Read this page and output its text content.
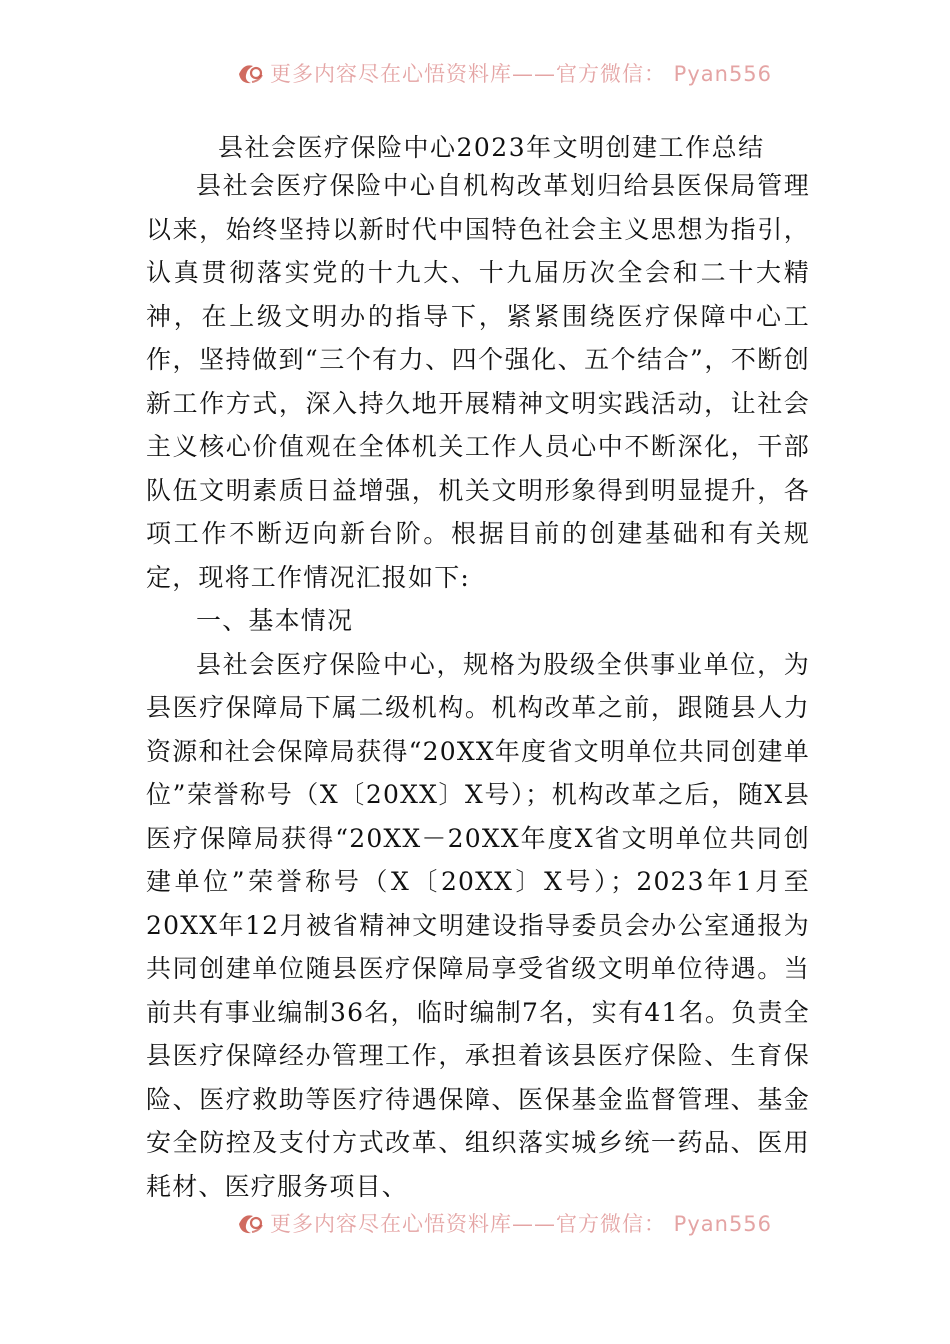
更多内容尽在心悟资料库——官方微信： Pyan556
县社会医疗保险中心2023年文明创建工作总结

县社会医疗保险中心自机构改革划归给县医保局管理以来，始终坚持以新时代中国特色社会主义思想为指引，认真贯彻落实党的十九大、十九届历次全会和二十大精神，在上级文明办的指导下，紧紧围绕医疗保障中心工作，坚持做到“三个有力、四个强化、五个结合”，不断创新工作方式，深入持久地开展精神文明实践活动，让社会主义核心价值观在全体机关工作人员心中不断深化，干部队伍文明素质日益增强，机关文明形象得到明显提升，各项工作不断迈向新台阶。根据目前的创建基础和有关规定，现将工作情况汇报如下:

一、基本情况

县社会医疗保险中心，规格为股级全供事业单位，为县医疗保障局下属二级机构。机构改革之前，跟随县人力资源和社会保障局获得“20XX年度省文明单位共同创建单位”荣誉称号（X〔20XX〕X号）；机构改革之后，随X县医疗保障局获得“20XX－20XX年度X省文明单位共同创建单位”荣誉称号（X〔20XX〕X号）；2023年1月至20XX年12月被省精神文明建设指导委员会办公室通报为共同创建单位随县医疗保障局享受省级文明单位待遇。当前共有事业编制36名，临时编制7名，实有41名。负责全县医疗保障经办管理工作，承担着该县医疗保险、生育保险、医疗救助等医疗待遇保障、医保基金监督管理、基金安全防控及支付方式改革、组织落实城乡统一药品、医用耗材、医疗服务项目、

更多内容尽在心悟资料库——官方微信： Pyan556
